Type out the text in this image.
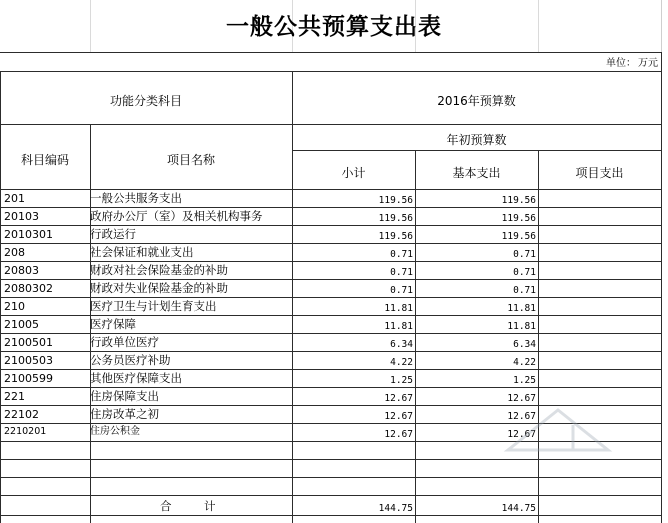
一般公共预算支出表
单位： 万元
功能分类科目	2016年预算数
年初预算数
科目编码	项目名称
小计	基本支出	项目支出
201	一般公共服务支出	119.56	119.56
20103	政府办公厅（室）及相关机构事务	119.56	119.56
2010301	行政运行	119.56	119.56
208	社会保证和就业支出	0.71	0.71
20803	财政对社会保险基金的补助	0.71	0.71
2080302	财政对失业保险基金的补助	0.71	0.71
210	医疗卫生与计划生育支出	11.81	11.81
21005	医疗保障	11.81	11.81
2100501	行政单位医疗	6.34	6.34
2100503	公务员医疗补助	4.22	4.22
2100599	其他医疗保障支出	1.25	1.25
221	住房保障支出	12.67	12.67
22102	住房改革之初	12.67	12.67
2210201	住房公积金	12.67	12.67
合	计	144.75	144.75
